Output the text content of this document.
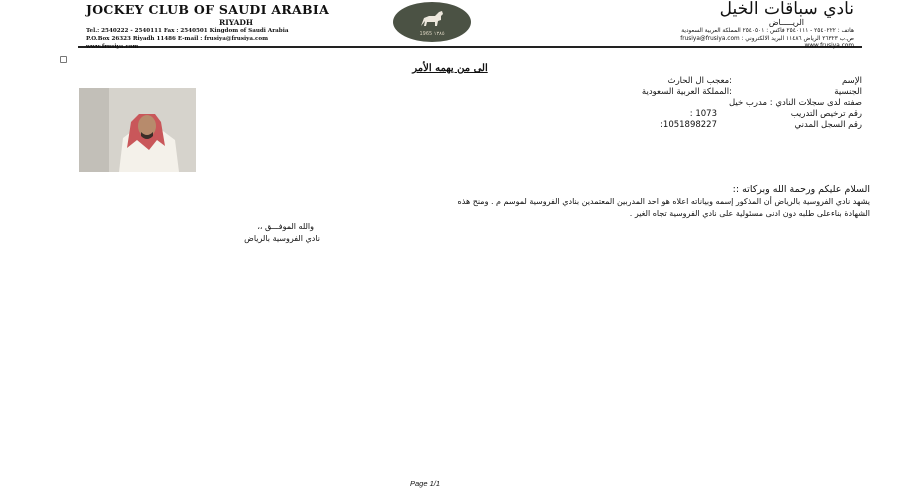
JOCKEY CLUB OF SAUDI ARABIA
RIYADH
Tel.: 2540222 - 2540111 Fax : 2540501 Kingdom of Saudi Arabia
P.O.Box 26323 Riyadh 11486 E-mail : frusiya@frusiya.com
www.frusiya.com
1965 ١٣٨٥
نادي سباقات الخيل
الريـــــاض
هاتف : ٢٥٤٠٢٢٢ - ٢٥٤٠١١١ فاكس : ٢٥٤٠٥٠١ المملكة العربية السعودية
ص.ب ٢٦٣٢٣ الرياض ١١٤٨٦ البريد الالكتروني : frusiya@frusiya.com
www.frusiya.com
الى من يهمه الأمر
الإسم
:معجب ال الحارث
الجنسية
:المملكة العربية السعودية
صفته لدى سجلات النادي : مدرب خيل
رقم ترخيص التدريب
1073 :
رقم السجل المدني
1051898227:
السلام عليكم ورحمة الله وبركاته ::
يشهد نادي الفروسية بالرياض أن المذكور إسمه وبياناته اعلاه هو احد المدربين المعتمدين بنادي الفروسية لموسم م . ومنح هذه
الشهادة بناءعلى طلبه دون ادنى مسئولية على نادي الفروسية تجاه الغير .
والله الموفـــق ،،
نادي الفروسية بالرياض
Page 1/1
